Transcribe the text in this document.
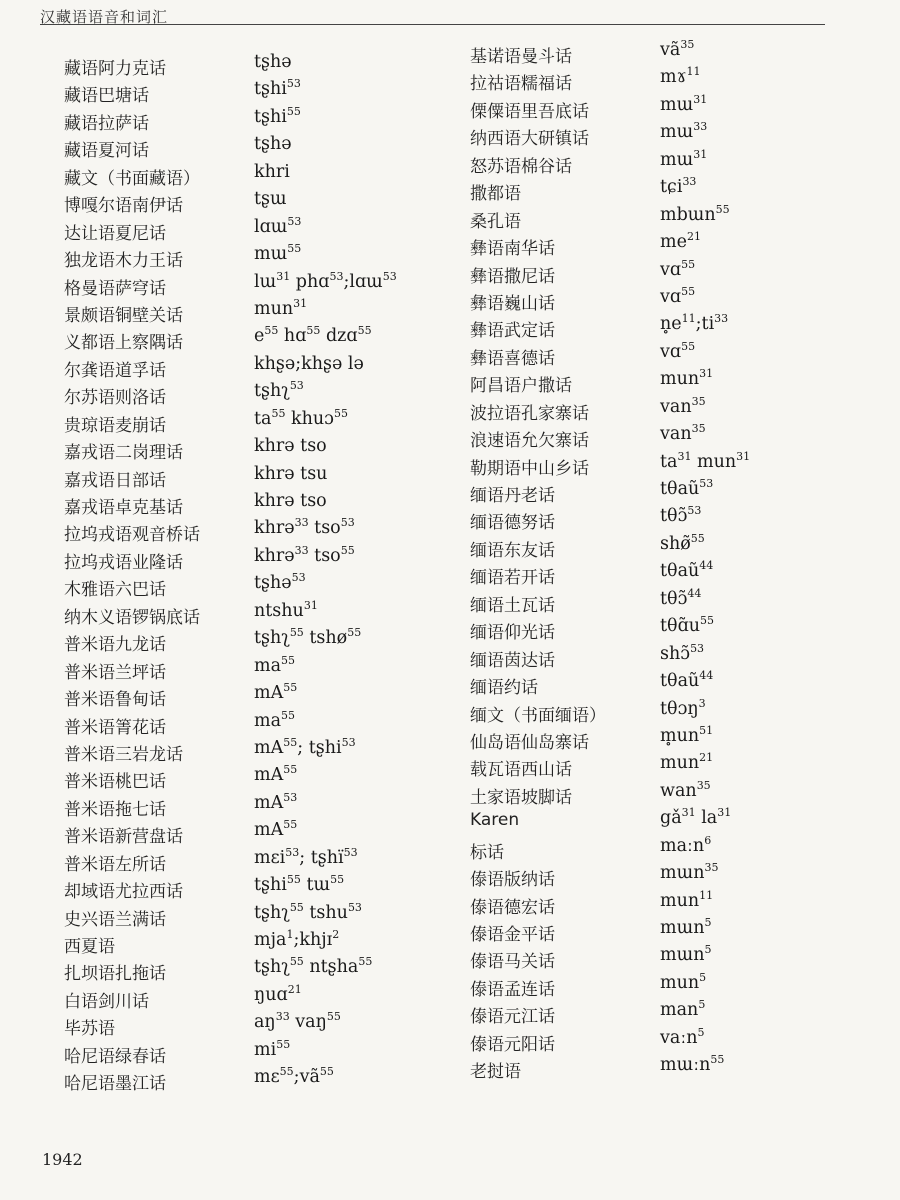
汉藏语语音和词汇
藏语阿力克话	tʂhə
藏语巴塘话	tʂhi$^{53}$
藏语拉萨话	tʂhi$^{55}$
藏语夏河话	tʂhə
藏文（书面藏语）	khri
博嘎尔语南伊话	tʂɯ
达让语夏尼话	lɑɯ$^{53}$
独龙语木力王话	mɯ$^{55}$
格曼语萨穹话	lɯ$^{31}$ phɑ$^{53}$;lɑɯ$^{53}$
景颇语铜壁关话	mun$^{31}$
义都语上察隅话	$e^{55}$ hɑ$^{55}$ dzɑ$^{55}$
尔龚语道孚话	khʂə;khʂə lə
尔苏语则洛话	tʂhʅ$^{53}$
贵琼语麦崩话	$ta^{55}$ khuɔ$^{55}$
嘉戎语二岗理话	khrə tso
嘉戎语日部话	khrə tsu
嘉戎语卓克基话	khrə tso
拉坞戎语观音桥话	khrə$^{33}$ tso$^{53}$
拉坞戎语业隆话	khrə$^{33}$ tso$^{55}$
木雅语六巴话	tʂhə$^{53}$
纳木义语锣锅底话	ntshu$^{31}$
普米语九龙话	tʂhʅ$^{55}$ tshø$^{55}$
普米语兰坪话	$ma^{55}$
普米语鲁甸话	$mA^{55}$
普米语箐花话	$ma^{55}$
普米语三岩龙话	$mA^{55}$; tʂhi$^{53}$
普米语桃巴话	$mA^{55}$
普米语拖七话	$mA^{53}$
普米语新营盘话	$mA^{55}$
普米语左所话	mɛi$^{53}$; tʂhï$^{53}$
却域语尤拉西话	tʂhi$^{55}$ tɯ$^{55}$
史兴语兰满话	tʂhʅ$^{55}$ tshu$^{53}$
西夏语	mja$^1$;khjɪ$^2$
扎坝语扎拖话	tʂhʅ$^{55}$ ntʂha$^{55}$
白语剑川话	ŋuɑ$^{21}$
毕苏语	$aŋ^{33}$ vaŋ$^{55}$
哈尼语绿春话	$mi^{55}$
哈尼语墨江话	$mɛ^{55};vã^{55}$
基诺语曼斗话	$vã^{35}$
拉祜语糯福话	mɤ$^{11}$
傈僳语里吾底话	mɯ$^{31}$
纳西语大研镇话	mɯ$^{33}$
怒苏语棉谷话	mɯ$^{31}$
撒都语	tɕi$^{33}$
桑孔语	mbɯn$^{55}$
彝语南华话	$me^{21}$
彝语撒尼话	vɑ$^{55}$
彝语巍山话	vɑ$^{55}$
彝语武定话	$n̥e^{11};ti^{33}$
彝语喜德话	vɑ$^{55}$
阿昌语户撒话	mun$^{31}$
波拉语孔家寨话	van$^{35}$
浪速语允欠寨话	van$^{35}$
勒期语中山乡话	$ta^{31}$ mun$^{31}$
缅语丹老话	tθaũ$^{53}$
缅语德努话	tθɔ̃$^{53}$
缅语东友话	shø̃$^{55}$
缅语若开话	tθaũ$^{44}$
缅语土瓦话	tθɔ̃$^{44}$
缅语仰光话	$t\theta ɑ̃u^{55}$
缅语茵达话	shɔ̃$^{53}$
缅语约话	tθaũ$^{44}$
缅文（书面缅语）	tθɔŋ$^3$
仙岛语仙岛寨话	$m̥un^{51}$
载瓦语西山话	mun$^{21}$
土家语坡脚话	wan$^{35}$
Karen	$gǎ^{31}$ $la^{31}$
标话	maːn$^6$
傣语版纳话	mɯn$^{35}$
傣语德宏话	mun$^{11}$
傣语金平话	mɯn$^5$
傣语马关话	mɯn$^5$
傣语孟连话	mun$^5$
傣语元江话	man$^5$
傣语元阳话	vaːn$^5$
老挝语	mɯːn$^{55}$
1942
